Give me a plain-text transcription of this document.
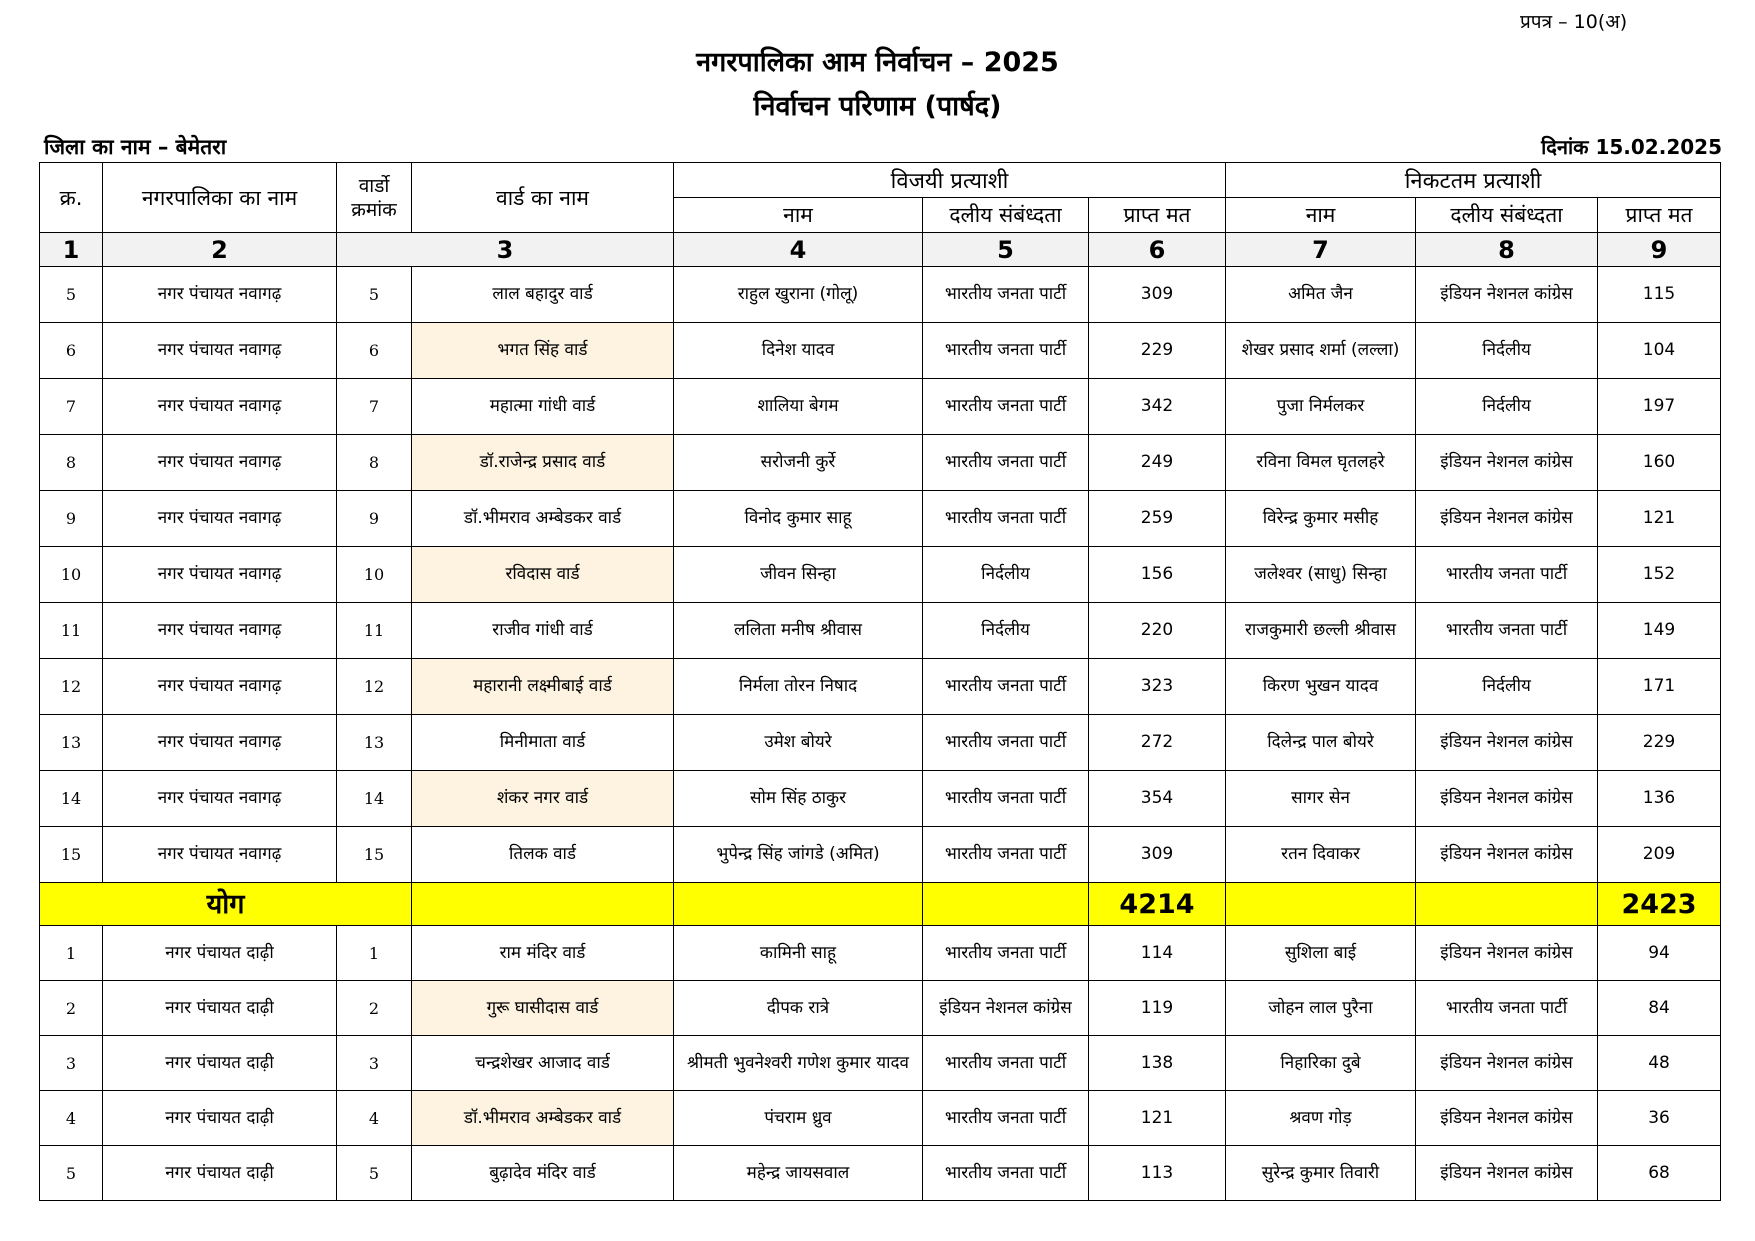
प्रपत्र – 10(अ)
नगरपालिका आम निर्वाचन – 2025
निर्वाचन परिणाम (पार्षद)
जिला का नाम – बेमेतरा	दिनांक 15.02.2025
क्र.	नगरपालिका का नाम	वार्डो क्रमांक	वार्ड का नाम	विजयी प्रत्याशी			निकटतम प्रत्याशी		
				नाम	दलीय संबंध्दता	प्राप्त मत	नाम	दलीय संबंध्दता	प्राप्त मत
1	2	3		4	5	6	7	8	9
5	नगर पंचायत नवागढ़	5	लाल बहादुर वार्ड	राहुल खुराना (गोलू)	भारतीय जनता पार्टी	309	अमित जैन	इंडियन नेशनल कांग्रेस	115
6	नगर पंचायत नवागढ़	6	भगत सिंह वार्ड	दिनेश यादव	भारतीय जनता पार्टी	229	शेखर प्रसाद शर्मा (लल्ला)	निर्दलीय	104
7	नगर पंचायत नवागढ़	7	महात्मा गांधी वार्ड	शालिया बेगम	भारतीय जनता पार्टी	342	पुजा निर्मलकर	निर्दलीय	197
8	नगर पंचायत नवागढ़	8	डॉ.राजेन्द्र प्रसाद वार्ड	सरोजनी कुर्रे	भारतीय जनता पार्टी	249	रविना विमल घृतलहरे	इंडियन नेशनल कांग्रेस	160
9	नगर पंचायत नवागढ़	9	डॉ.भीमराव अम्बेडकर वार्ड	विनोद कुमार साहू	भारतीय जनता पार्टी	259	विरेन्द्र कुमार मसीह	इंडियन नेशनल कांग्रेस	121
10	नगर पंचायत नवागढ़	10	रविदास वार्ड	जीवन सिन्हा	निर्दलीय	156	जलेश्वर (साधु) सिन्हा	भारतीय जनता पार्टी	152
11	नगर पंचायत नवागढ़	11	राजीव गांधी वार्ड	ललिता मनीष श्रीवास	निर्दलीय	220	राजकुमारी छल्ली श्रीवास	भारतीय जनता पार्टी	149
12	नगर पंचायत नवागढ़	12	महारानी लक्ष्मीबाई वार्ड	निर्मला तोरन निषाद	भारतीय जनता पार्टी	323	किरण भुखन यादव	निर्दलीय	171
13	नगर पंचायत नवागढ़	13	मिनीमाता वार्ड	उमेश बोयरे	भारतीय जनता पार्टी	272	दिलेन्द्र पाल बोयरे	इंडियन नेशनल कांग्रेस	229
14	नगर पंचायत नवागढ़	14	शंकर नगर वार्ड	सोम सिंह ठाकुर	भारतीय जनता पार्टी	354	सागर सेन	इंडियन नेशनल कांग्रेस	136
15	नगर पंचायत नवागढ़	15	तिलक वार्ड	भुपेन्द्र सिंह जांगडे (अमित)	भारतीय जनता पार्टी	309	रतन दिवाकर	इंडियन नेशनल कांग्रेस	209
योग						4214			2423
1	नगर पंचायत दाढ़ी	1	राम मंदिर वार्ड	कामिनी साहू	भारतीय जनता पार्टी	114	सुशिला बाई	इंडियन नेशनल कांग्रेस	94
2	नगर पंचायत दाढ़ी	2	गुरू घासीदास वार्ड	दीपक रात्रे	इंडियन नेशनल कांग्रेस	119	जोहन लाल पुरैना	भारतीय जनता पार्टी	84
3	नगर पंचायत दाढ़ी	3	चन्द्रशेखर आजाद वार्ड	श्रीमती भुवनेश्वरी गणेश कुमार यादव	भारतीय जनता पार्टी	138	निहारिका दुबे	इंडियन नेशनल कांग्रेस	48
4	नगर पंचायत दाढ़ी	4	डॉ.भीमराव अम्बेडकर वार्ड	पंचराम ध्रुव	भारतीय जनता पार्टी	121	श्रवण गोड़	इंडियन नेशनल कांग्रेस	36
5	नगर पंचायत दाढ़ी	5	बुढ़ादेव मंदिर वार्ड	महेन्द्र जायसवाल	भारतीय जनता पार्टी	113	सुरेन्द्र कुमार तिवारी	इंडियन नेशनल कांग्रेस	68
